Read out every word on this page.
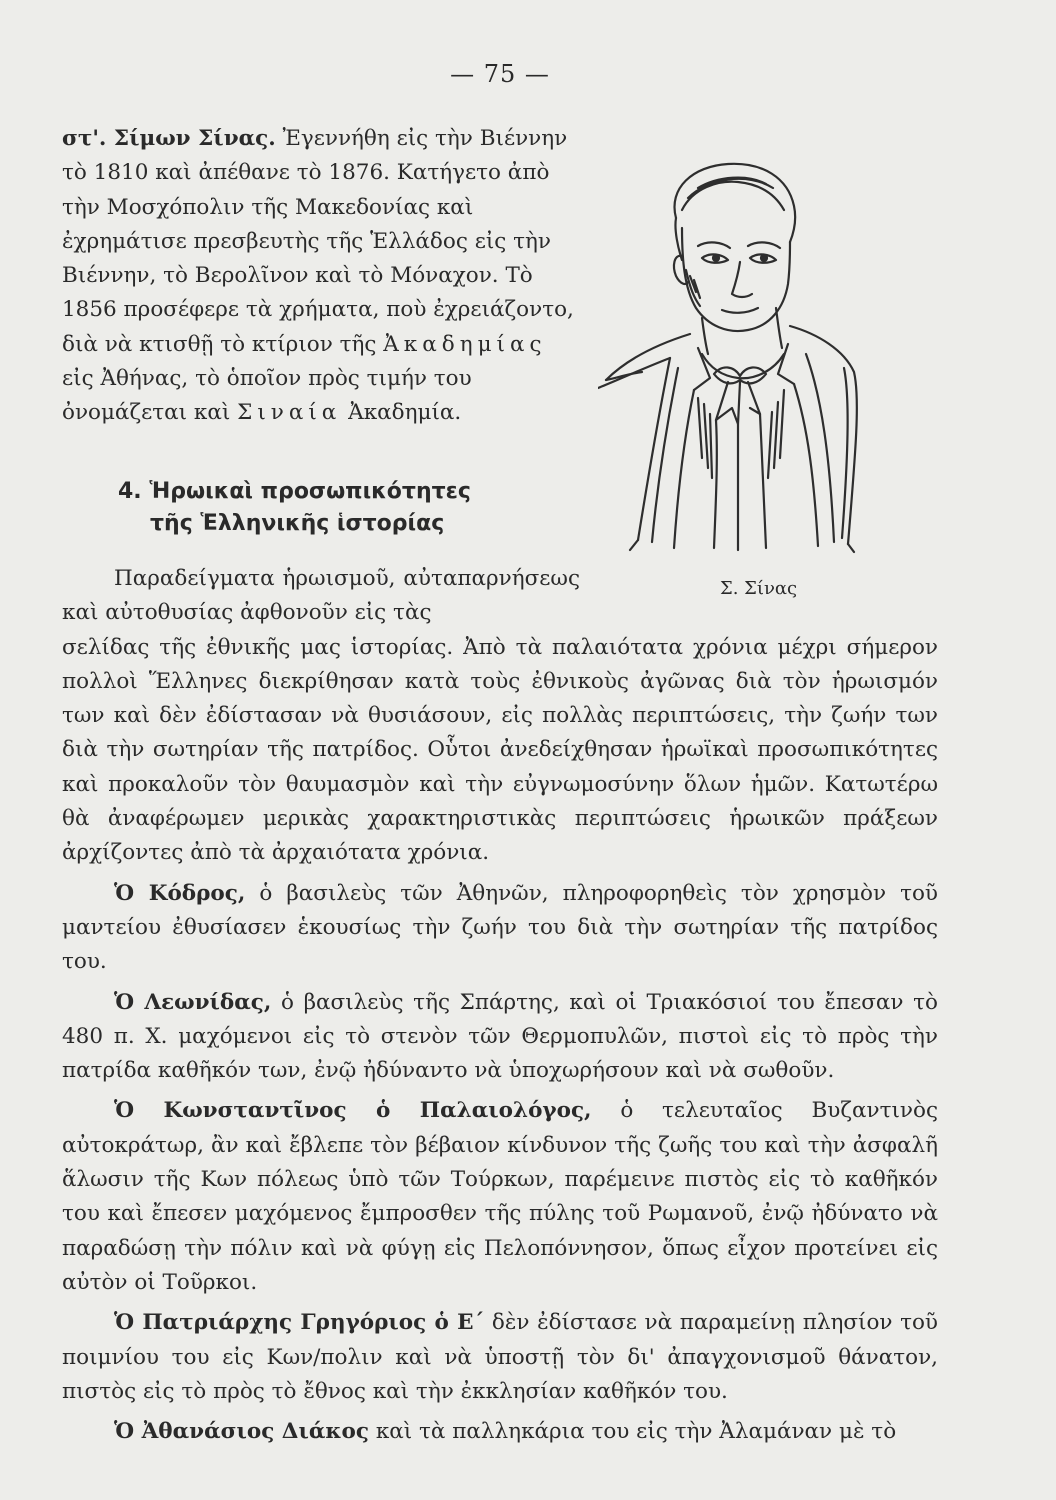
— 75 —

στ'. Σίμων Σίνας. Ἐγεννήθη εἰς τὴν Βιέννην τὸ 1810 καὶ ἀπέθανε τὸ 1876. Κατήγετο ἀπὸ τὴν Μοσχόπολιν τῆς Μακεδονίας καὶ ἐχρημάτισε πρεσβευτὴς τῆς Ἑλλάδος εἰς τὴν Βιέννην, τὸ Βερολῖνον καὶ τὸ Μόναχον. Τὸ 1856 προσέφερε τὰ χρήματα, ποὺ ἐχρειάζοντο, διὰ νὰ κτισθῇ τὸ κτίριον τῆς Ἀκαδημίας εἰς Ἀθήνας, τὸ ὁποῖον πρὸς τιμήν του ὀνομάζεται καὶ Σιναία Ἀκαδημία.

4. Ἡρωικαὶ προσωπικότητες
τῆς Ἑλληνικῆς ἱστορίας
Σ. Σίνας

Παραδείγματα ἡρωισμοῦ, αὐταπαρνήσεως καὶ αὐτοθυσίας ἀφθονοῦν εἰς τὰς

σελίδας τῆς ἐθνικῆς μας ἱστορίας. Ἀπὸ τὰ παλαιότατα χρόνια μέχρι σήμερον πολλοὶ Ἕλληνες διεκρίθησαν κατὰ τοὺς ἐθνικοὺς ἀγῶνας διὰ τὸν ἡρωισμόν των καὶ δὲν ἐδίστασαν νὰ θυσιάσουν, εἰς πολλὰς περιπτώσεις, τὴν ζωήν των διὰ τὴν σωτηρίαν τῆς πατρίδος. Οὗτοι ἀνεδείχθησαν ἡρωϊκαὶ προσωπικότητες καὶ προκαλοῦν τὸν θαυμασμὸν καὶ τὴν εὐγνωμοσύνην ὅλων ἡμῶν. Κατωτέρω θὰ ἀναφέρωμεν μερικὰς χαρακτηριστικὰς περιπτώσεις ἡρωικῶν πράξεων ἀρχίζοντες ἀπὸ τὰ ἀρχαιότατα χρόνια.

Ὁ Κόδρος, ὁ βασιλεὺς τῶν Ἀθηνῶν, πληροφορηθεὶς τὸν χρησμὸν τοῦ μαντείου ἐθυσίασεν ἑκουσίως τὴν ζωήν του διὰ τὴν σωτηρίαν τῆς πατρίδος του.

Ὁ Λεωνίδας, ὁ βασιλεὺς τῆς Σπάρτης, καὶ οἱ Τριακόσιοί του ἔπεσαν τὸ 480 π. Χ. μαχόμενοι εἰς τὸ στενὸν τῶν Θερμοπυλῶν, πιστοὶ εἰς τὸ πρὸς τὴν πατρίδα καθῆκόν των, ἐνῷ ἠδύναντο νὰ ὑποχωρήσουν καὶ νὰ σωθοῦν.

Ὁ Κωνσταντῖνος ὁ Παλαιολόγος, ὁ τελευταῖος Βυζαντινὸς αὐτοκράτωρ, ἂν καὶ ἔβλεπε τὸν βέβαιον κίνδυνον τῆς ζωῆς του καὶ τὴν ἀσφαλῆ ἅλωσιν τῆς Κων πόλεως ὑπὸ τῶν Τούρκων, παρέμεινε πιστὸς εἰς τὸ καθῆκόν του καὶ ἔπεσεν μαχόμενος ἔμπροσθεν τῆς πύλης τοῦ Ρωμανοῦ, ἐνῷ ἠδύνατο νὰ παραδώσῃ τὴν πόλιν καὶ νὰ φύγῃ εἰς Πελοπόννησον, ὅπως εἶχον προτείνει εἰς αὐτὸν οἱ Τοῦρκοι.

Ὁ Πατριάρχης Γρηγόριος ὁ Ε΄ δὲν ἐδίστασε νὰ παραμείνῃ πλησίον τοῦ ποιμνίου του εἰς Κων/πολιν καὶ νὰ ὑποστῇ τὸν δι' ἀπαγχονισμοῦ θάνατον, πιστὸς εἰς τὸ πρὸς τὸ ἔθνος καὶ τὴν ἐκκλησίαν καθῆκόν του.

Ὁ Ἀθανάσιος Διάκος καὶ τὰ παλληκάρια του εἰς τὴν Ἀλαμάναν μὲ τὸ
